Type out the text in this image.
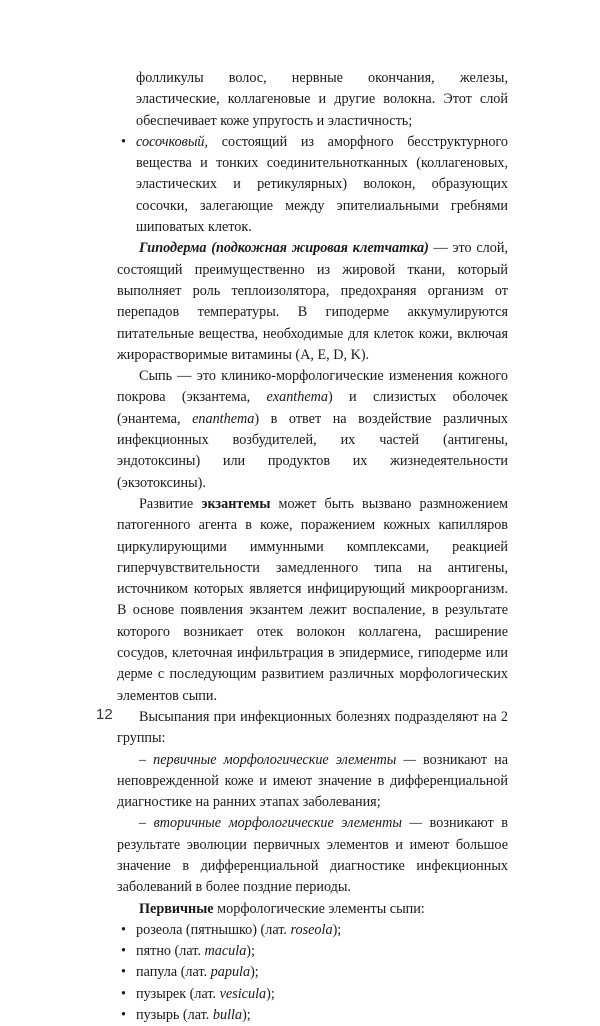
фолликулы волос, нервные окончания, железы, эластические, коллагеновые и другие волокна. Этот слой обеспечивает коже упругость и эластичность;

• сосочковый, состоящий из аморфного бесструктурного вещества и тонких соединительнотканных (коллагеновых, эластических и ретикулярных) волокон, образующих сосочки, залегающие между эпителиальными гребнями шиповатых клеток.

Гиподерма (подкожная жировая клетчатка) — это слой, состоящий преимущественно из жировой ткани, который выполняет роль теплоизолятора, предохраняя организм от перепадов температуры. В гиподерме аккумулируются питательные вещества, необходимые для клеток кожи, включая жирорастворимые витамины (A, E, D, K).

Сыпь — это клинико-морфологические изменения кожного покрова (экзантема, exanthema) и слизистых оболочек (энантема, enanthema) в ответ на воздействие различных инфекционных возбудителей, их частей (антигены, эндотоксины) или продуктов их жизнедеятельности (экзотоксины).

Развитие экзантемы может быть вызвано размножением патогенного агента в коже, поражением кожных капилляров циркулирующими иммунными комплексами, реакцией гиперчувствительности замедленного типа на антигены, источником которых является инфицирующий микроорганизм. В основе появления экзантем лежит воспаление, в результате которого возникает отек волокон коллагена, расширение сосудов, клеточная инфильтрация в эпидермисе, гиподерме или дерме с последующим развитием различных морфологических элементов сыпи.

Высыпания при инфекционных болезнях подразделяют на 2 группы:

– первичные морфологические элементы — возникают на неповрежденной коже и имеют значение в дифференциальной диагностике на ранних этапах заболевания;

– вторичные морфологические элементы — возникают в результате эволюции первичных элементов и имеют большое значение в дифференциальной диагностике инфекционных заболеваний в более поздние периоды.

Первичные морфологические элементы сыпи:

• розеола (пятнышко) (лат. roseola);

• пятно (лат. macula);

• папула (лат. papula);

• пузырек (лат. vesicula);

• пузырь (лат. bulla);

12
